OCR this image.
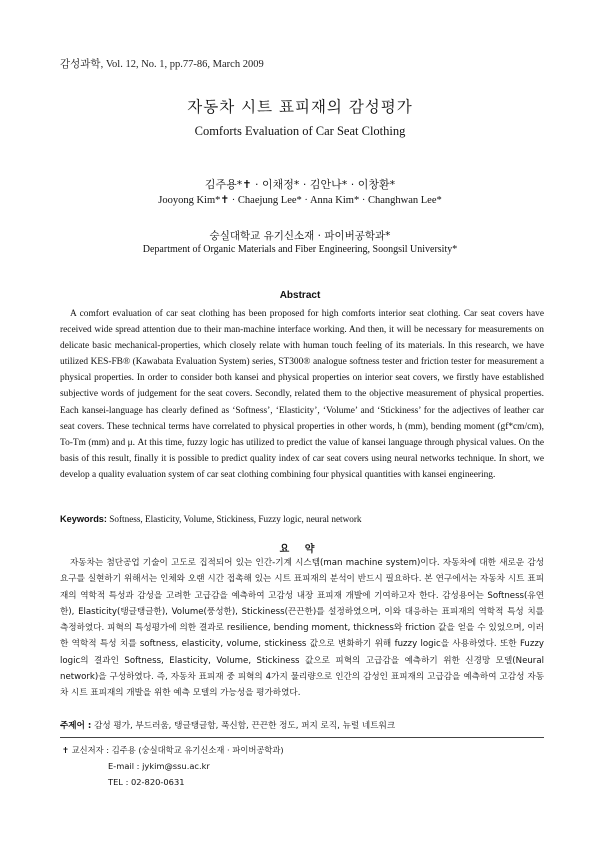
감성과학, Vol. 12, No. 1, pp.77-86, March 2009
자동차 시트 표피재의 감성평가
Comforts Evaluation of Car Seat Clothing
김주용*✝ · 이채정* · 김안나* · 이창환*
Jooyong Kim*✝ · Chaejung Lee* · Anna Kim* · Changhwan Lee*
숭실대학교 유기신소재 · 파이버공학과*
Department of Organic Materials and Fiber Engineering, Soongsil University*
Abstract

A comfort evaluation of car seat clothing has been proposed for high comforts interior seat clothing. Car seat covers have received wide spread attention due to their man-machine interface working. And then, it will be necessary for measurements on delicate basic mechanical-properties, which closely relate with human touch feeling of its materials. In this research, we have utilized KES-FB® (Kawabata Evaluation System) series, ST300® analogue softness tester and friction tester for measurement a physical properties. In order to consider both kansei and physical properties on interior seat covers, we firstly have established subjective words of judgement for the seat covers. Secondly, related them to the objective measurement of physical properties. Each kansei-language has clearly defined as ‘Softness’, ‘Elasticity’, ‘Volume’ and ‘Stickiness’ for the adjectives of leather car seat covers. These technical terms have correlated to physical properties in other words, h (mm), bending moment (gf*cm/cm), To-Tm (mm) and μ. At this time, fuzzy logic has utilized to predict the value of kansei language through physical values. On the basis of this result, finally it is possible to predict quality index of car seat covers using neural networks technique. In short, we develop a quality evaluation system of car seat clothing combining four physical quantities with kansei engineering.

Keywords: Softness, Elasticity, Volume, Stickiness, Fuzzy logic, neural network
요 약

자동차는 첨단공업 기술이 고도로 집적되어 있는 인간-기계 시스템(man machine system)이다. 자동차에 대한 새로운 감성요구를 실현하기 위해서는 인체와 오랜 시간 접촉해 있는 시트 표피재의 분석이 반드시 필요하다. 본 연구에서는 자동차 시트 표피재의 역학적 특성과 감성을 고려한 고급감을 예측하여 고감성 내장 표피재 개발에 기여하고자 한다. 감성용어는 Softness(유연한), Elasticity(탱글탱글한), Volume(풍성한), Stickiness(끈끈한)를 설정하였으며, 이와 대응하는 표피재의 역학적 특성 치를 측정하였다. 피혁의 특성평가에 의한 결과로 resilience, bending moment, thickness와 friction 값을 얻을 수 있었으며, 이러한 역학적 특성 치를 softness, elasticity, volume, stickiness 값으로 변화하기 위해 fuzzy logic을 사용하였다. 또한 Fuzzy logic의 결과인 Softness, Elasticity, Volume, Stickiness 값으로 피혁의 고급감을 예측하기 위한 신경망 모델(Neural network)을 구성하였다. 즉, 자동차 표피재 중 피혁의 4가지 물리량으로 인간의 감성인 표피재의 고급감을 예측하여 고감성 자동차 시트 표피재의 개발을 위한 예측 모델의 가능성을 평가하였다.

주제어 : 감성 평가, 부드러움, 탱글탱글함, 푹신함, 끈끈한 정도, 퍼지 로직, 뉴럴 네트워크
✝ 교신저자 : 김주용 (숭실대학교 유기신소재 · 파이버공학과)
E-mail : jykim@ssu.ac.kr
TEL : 02-820-0631
